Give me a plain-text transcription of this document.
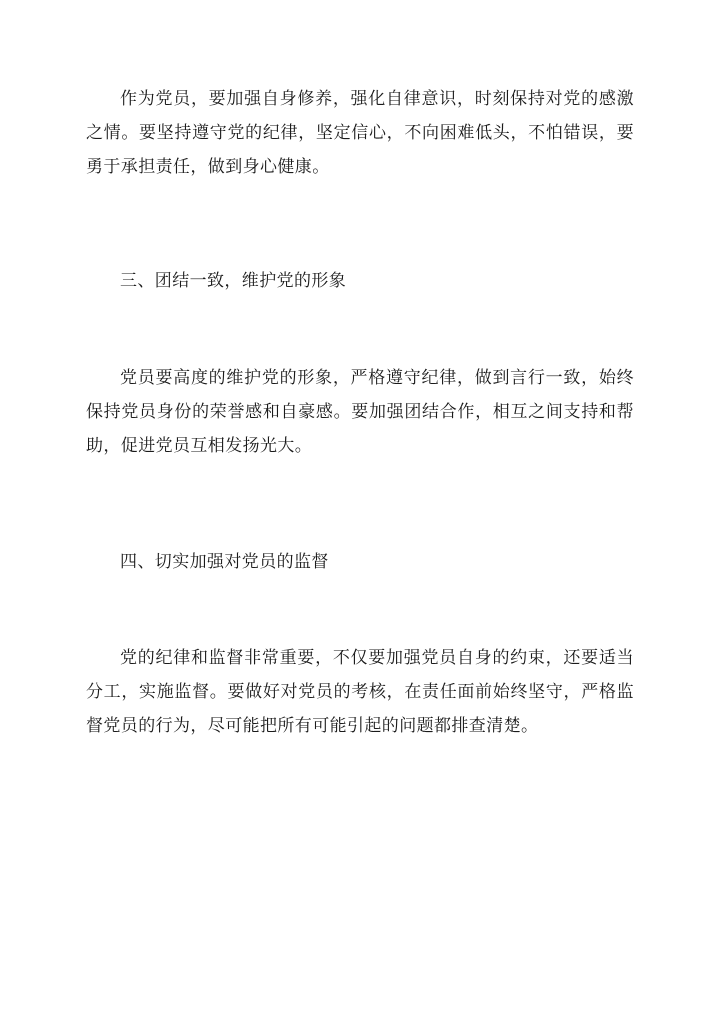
作为党员，要加强自身修养，强化自律意识，时刻保持对党的感激之情。要坚持遵守党的纪律，坚定信心，不向困难低头，不怕错误，要勇于承担责任，做到身心健康。

三、团结一致，维护党的形象

党员要高度的维护党的形象，严格遵守纪律，做到言行一致，始终保持党员身份的荣誉感和自豪感。要加强团结合作，相互之间支持和帮助，促进党员互相发扬光大。

四、切实加强对党员的监督

党的纪律和监督非常重要，不仅要加强党员自身的约束，还要适当分工，实施监督。要做好对党员的考核，在责任面前始终坚守，严格监督党员的行为，尽可能把所有可能引起的问题都排查清楚。
